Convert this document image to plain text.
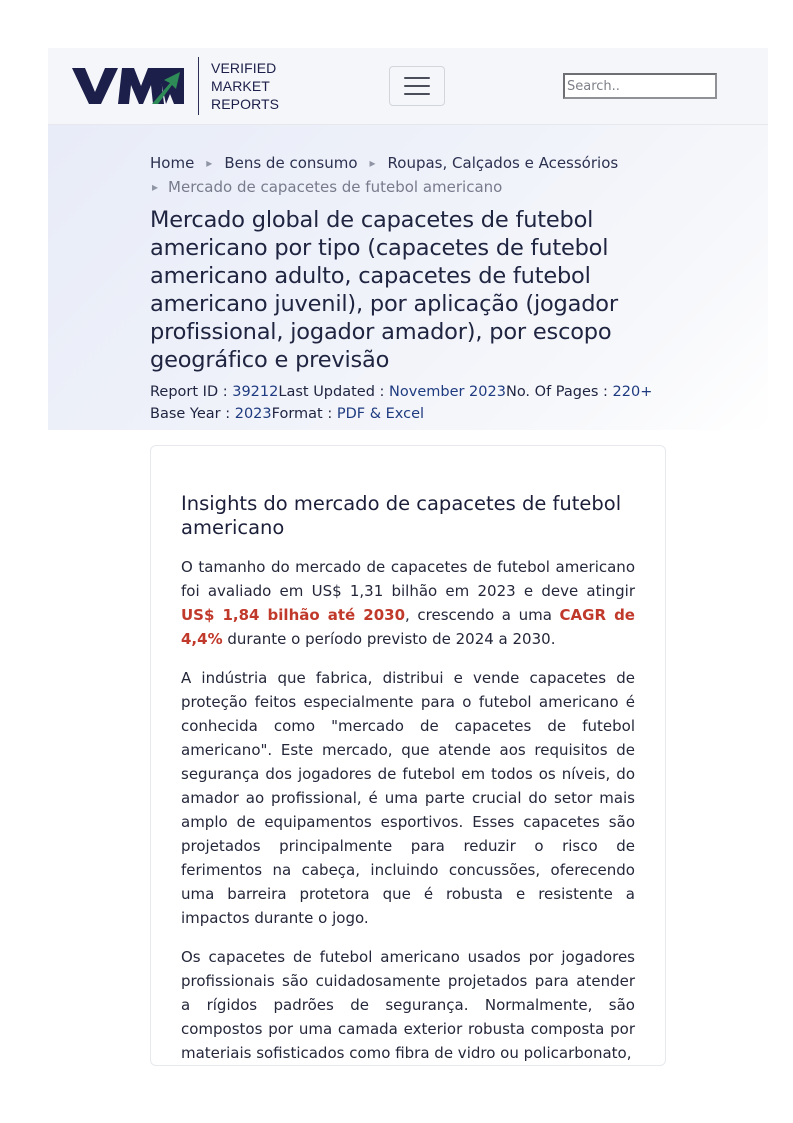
VERIFIED
MARKET
REPORTS
Search..
Home ▸ Bens de consumo ▸ Roupas, Calçados e Acessórios
▸ Mercado de capacetes de futebol americano
Mercado global de capacetes de futebol americano por tipo (capacetes de futebol americano adulto, capacetes de futebol americano juvenil), por aplicação (jogador profissional, jogador amador), por escopo geográfico e previsão
Report ID : 39212Last Updated : November 2023No. Of Pages : 220+
Base Year : 2023Format : PDF & Excel
Insights do mercado de capacetes de futebol americano

O tamanho do mercado de capacetes de futebol americano foi avaliado em US$ 1,31 bilhão em 2023 e deve atingir US$ 1,84 bilhão até 2030, crescendo a uma CAGR de 4,4% durante o período previsto de 2024 a 2030.

A indústria que fabrica, distribui e vende capacetes de proteção feitos especialmente para o futebol americano é conhecida como "mercado de capacetes de futebol americano". Este mercado, que atende aos requisitos de segurança dos jogadores de futebol em todos os níveis, do amador ao profissional, é uma parte crucial do setor mais amplo de equipamentos esportivos. Esses capacetes são projetados principalmente para reduzir o risco de ferimentos na cabeça, incluindo concussões, oferecendo uma barreira protetora que é robusta e resistente a impactos durante o jogo.

Os capacetes de futebol americano usados por jogadores profissionais são cuidadosamente projetados para atender a rígidos padrões de segurança. Normalmente, são compostos por uma camada exterior robusta composta por materiais sofisticados como fibra de vidro ou policarbonato,
